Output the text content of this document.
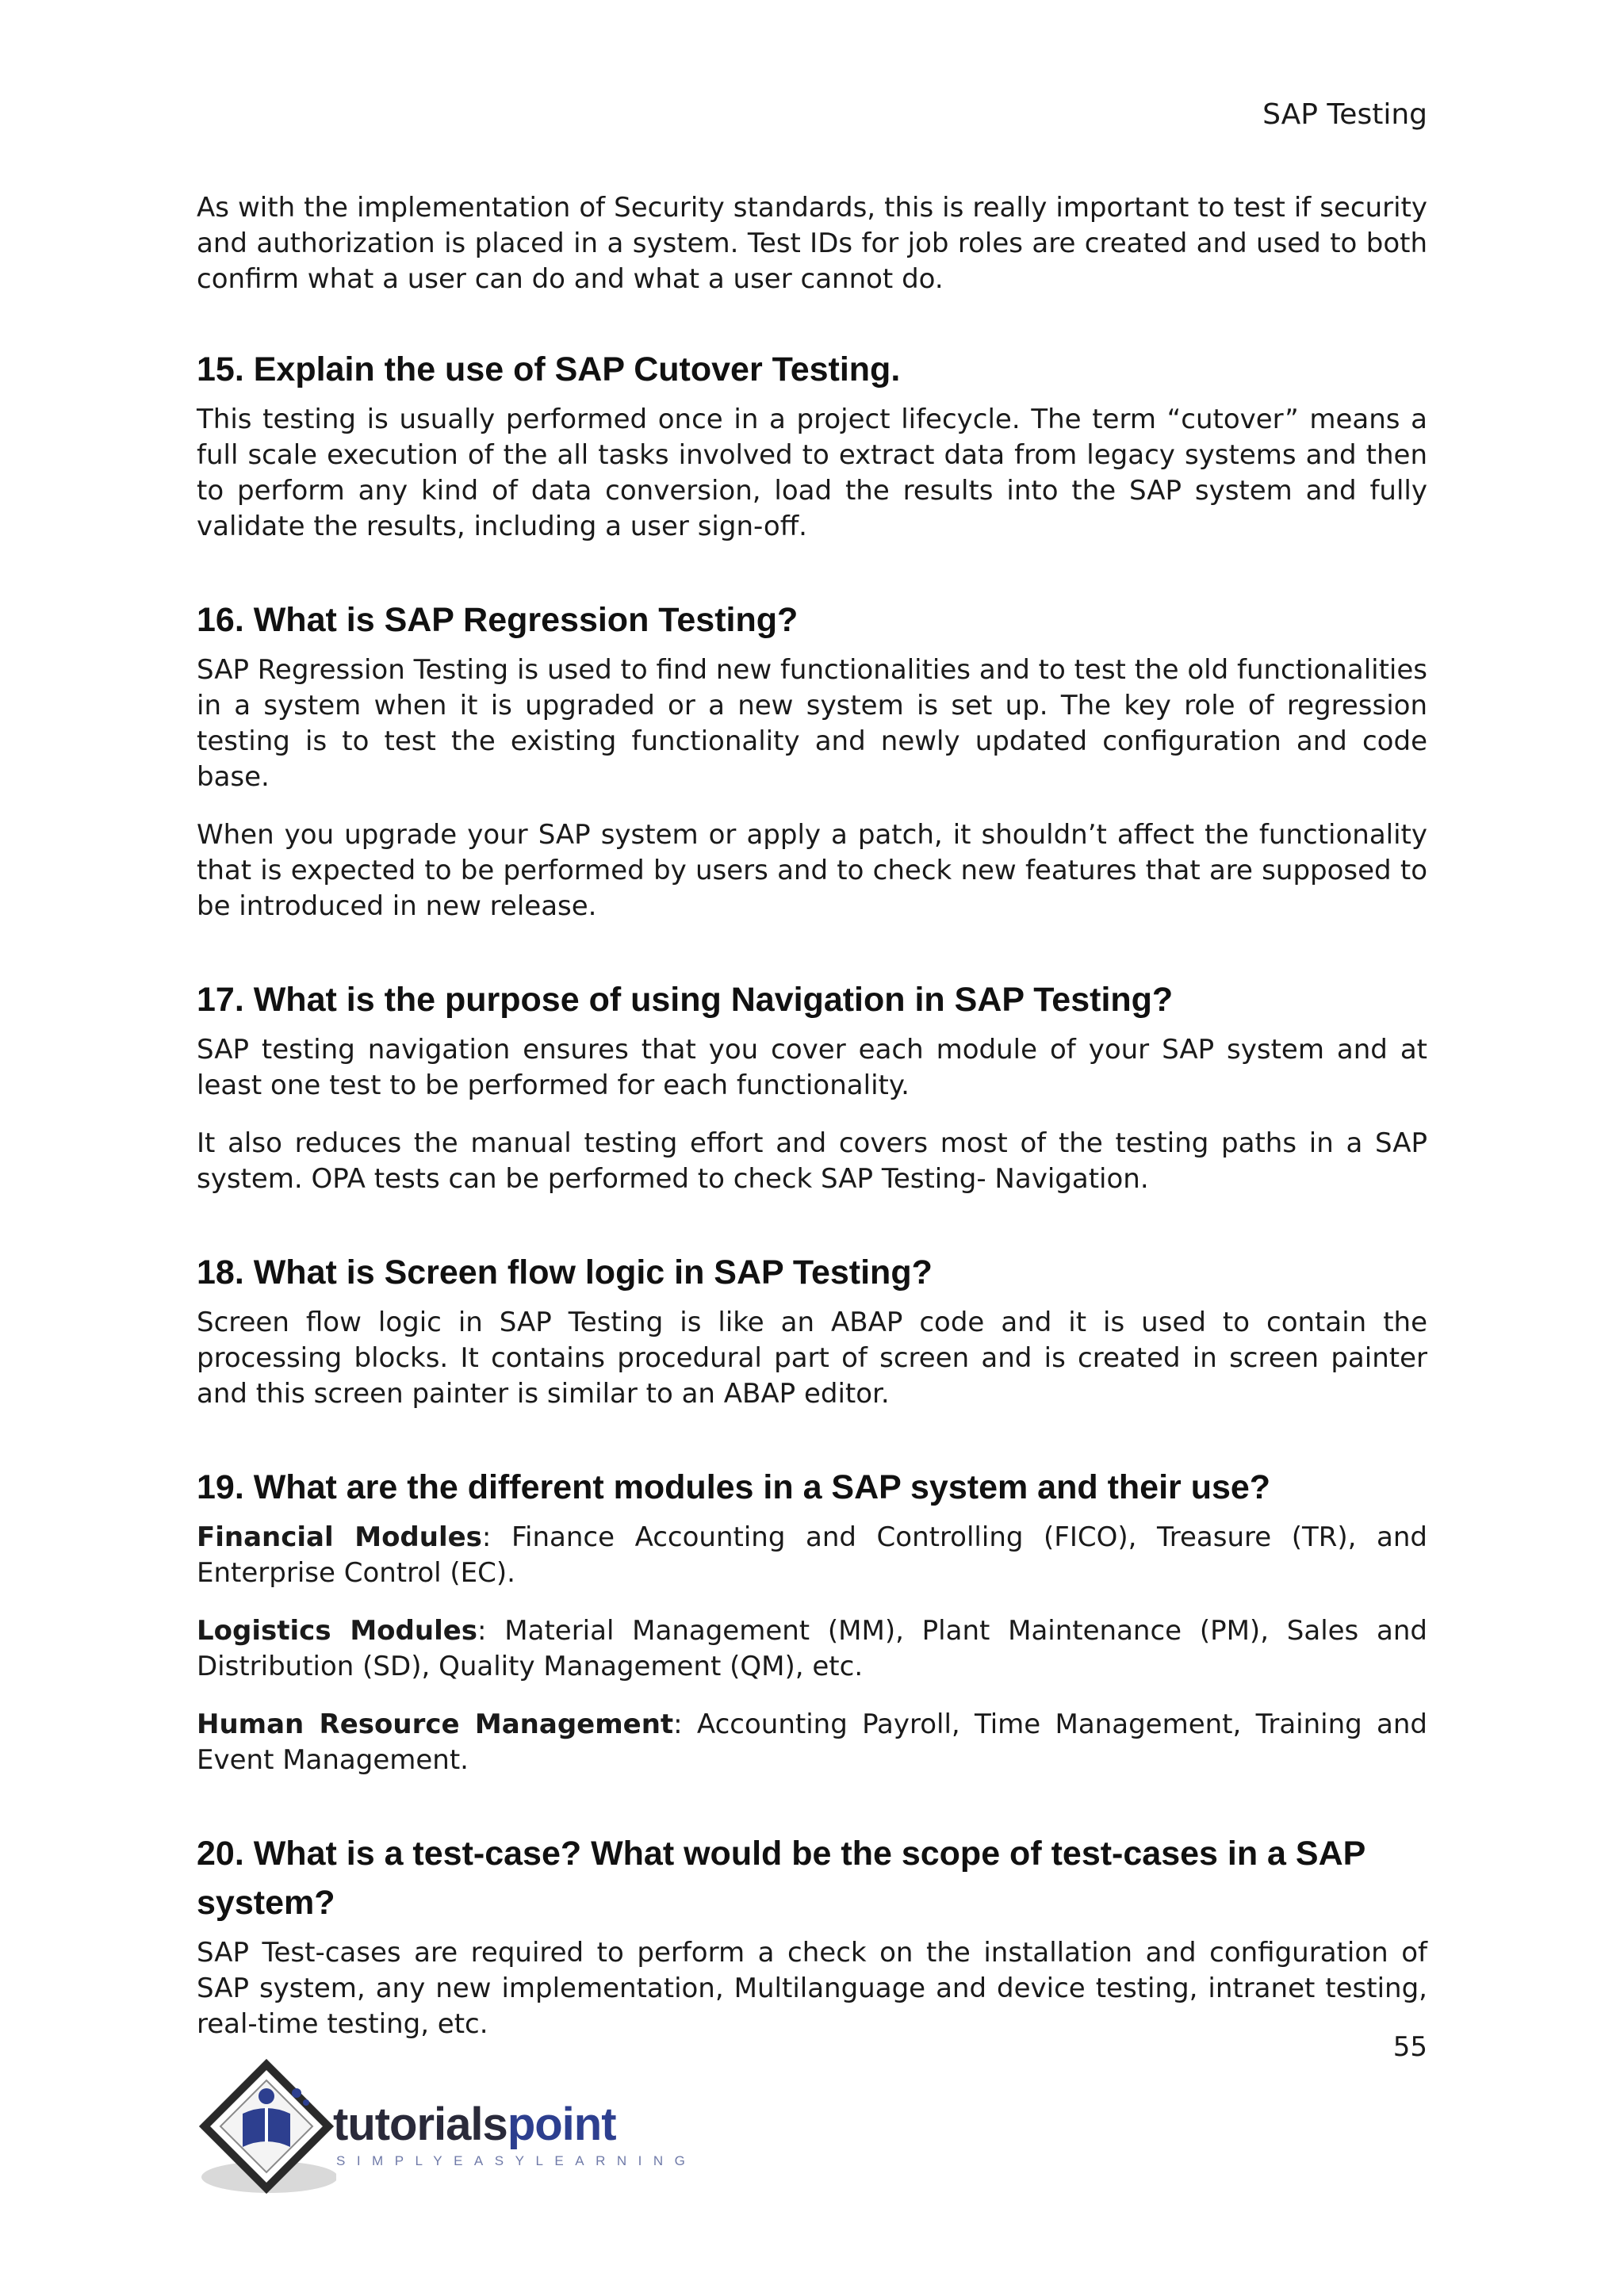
SAP Testing

As with the implementation of Security standards, this is really important to test if security and authorization is placed in a system. Test IDs for job roles are created and used to both confirm what a user can do and what a user cannot do.

15. Explain the use of SAP Cutover Testing.

This testing is usually performed once in a project lifecycle. The term “cutover” means a full scale execution of the all tasks involved to extract data from legacy systems and then to perform any kind of data conversion, load the results into the SAP system and fully validate the results, including a user sign-off.

16. What is SAP Regression Testing?

SAP Regression Testing is used to find new functionalities and to test the old functionalities in a system when it is upgraded or a new system is set up. The key role of regression testing is to test the existing functionality and newly updated configuration and code base.

When you upgrade your SAP system or apply a patch, it shouldn’t affect the functionality that is expected to be performed by users and to check new features that are supposed to be introduced in new release.

17. What is the purpose of using Navigation in SAP Testing?

SAP testing navigation ensures that you cover each module of your SAP system and at least one test to be performed for each functionality.

It also reduces the manual testing effort and covers most of the testing paths in a SAP system. OPA tests can be performed to check SAP Testing- Navigation.

18. What is Screen flow logic in SAP Testing?

Screen flow logic in SAP Testing is like an ABAP code and it is used to contain the processing blocks. It contains procedural part of screen and is created in screen painter and this screen painter is similar to an ABAP editor.

19. What are the different modules in a SAP system and their use?

Financial Modules: Finance Accounting and Controlling (FICO), Treasure (TR), and Enterprise Control (EC).

Logistics Modules: Material Management (MM), Plant Maintenance (PM), Sales and Distribution (SD), Quality Management (QM), etc.

Human Resource Management: Accounting Payroll, Time Management, Training and Event Management.

20. What is a test-case? What would be the scope of test-cases in a SAP system?

SAP Test-cases are required to perform a check on the installation and configuration of SAP system, any new implementation, Multilanguage and device testing, intranet testing, real-time testing, etc.

55
tutorialspoint
SIMPLYEASYLEARNING
